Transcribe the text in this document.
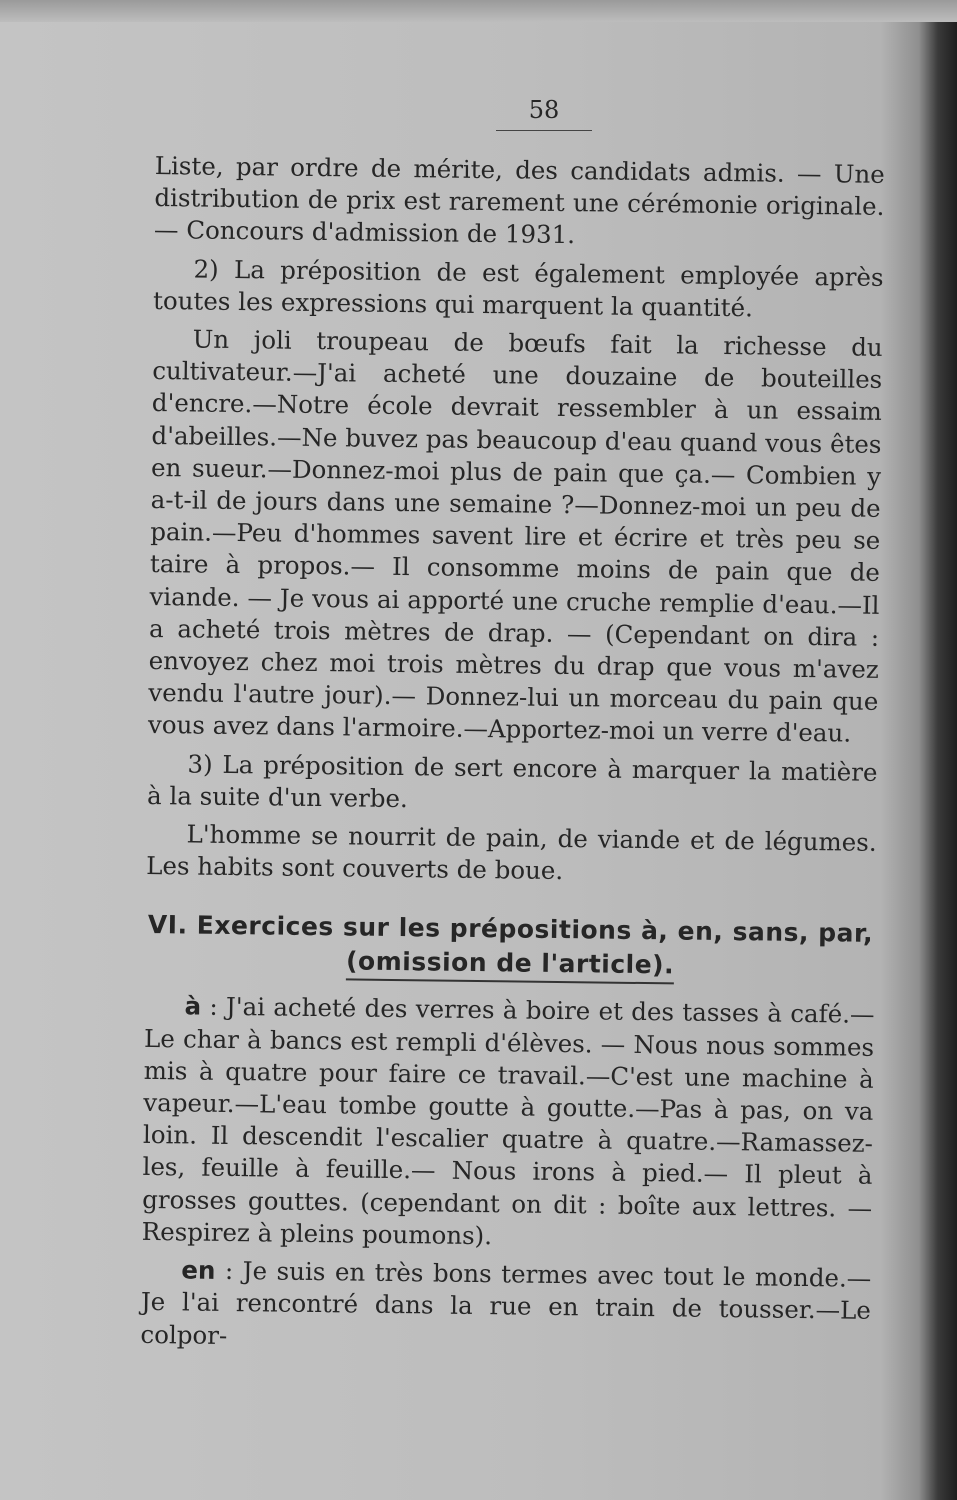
58

Liste, par ordre de mérite, des candidats admis. — Une distribution de prix est rarement une cérémonie originale. — Concours d'admission de 1931.

2) La préposition de est également employée après toutes les expressions qui marquent la quantité.

Un joli troupeau de bœufs fait la richesse du cultivateur.—J'ai acheté une douzaine de bouteilles d'encre.—Notre école devrait ressembler à un essaim d'abeilles.—Ne buvez pas beaucoup d'eau quand vous êtes en sueur.—Donnez-moi plus de pain que ça.— Combien y a-t-il de jours dans une semaine ?—Donnez-moi un peu de pain.—Peu d'hommes savent lire et écrire et très peu se taire à propos.— Il consomme moins de pain que de viande. — Je vous ai apporté une cruche remplie d'eau.—Il a acheté trois mètres de drap. — (Cependant on dira : envoyez chez moi trois mètres du drap que vous m'avez vendu l'autre jour).— Donnez-lui un morceau du pain que vous avez dans l'armoire.—Apportez-moi un verre d'eau.

3) La préposition de sert encore à marquer la matière à la suite d'un verbe.

L'homme se nourrit de pain, de viande et de légumes. Les habits sont couverts de boue.

VI. Exercices sur les prépositions à, en, sans, par,
(omission de l'article).

à : J'ai acheté des verres à boire et des tasses à café.— Le char à bancs est rempli d'élèves. — Nous nous sommes mis à quatre pour faire ce travail.—C'est une machine à vapeur.—L'eau tombe goutte à goutte.—Pas à pas, on va loin. Il descendit l'escalier quatre à quatre.—Ramassez-les, feuille à feuille.— Nous irons à pied.— Il pleut à grosses gouttes. (cependant on dit : boîte aux lettres. — Respirez à pleins poumons).

en : Je suis en très bons termes avec tout le monde.— Je l'ai rencontré dans la rue en train de tousser.—Le colpor-
